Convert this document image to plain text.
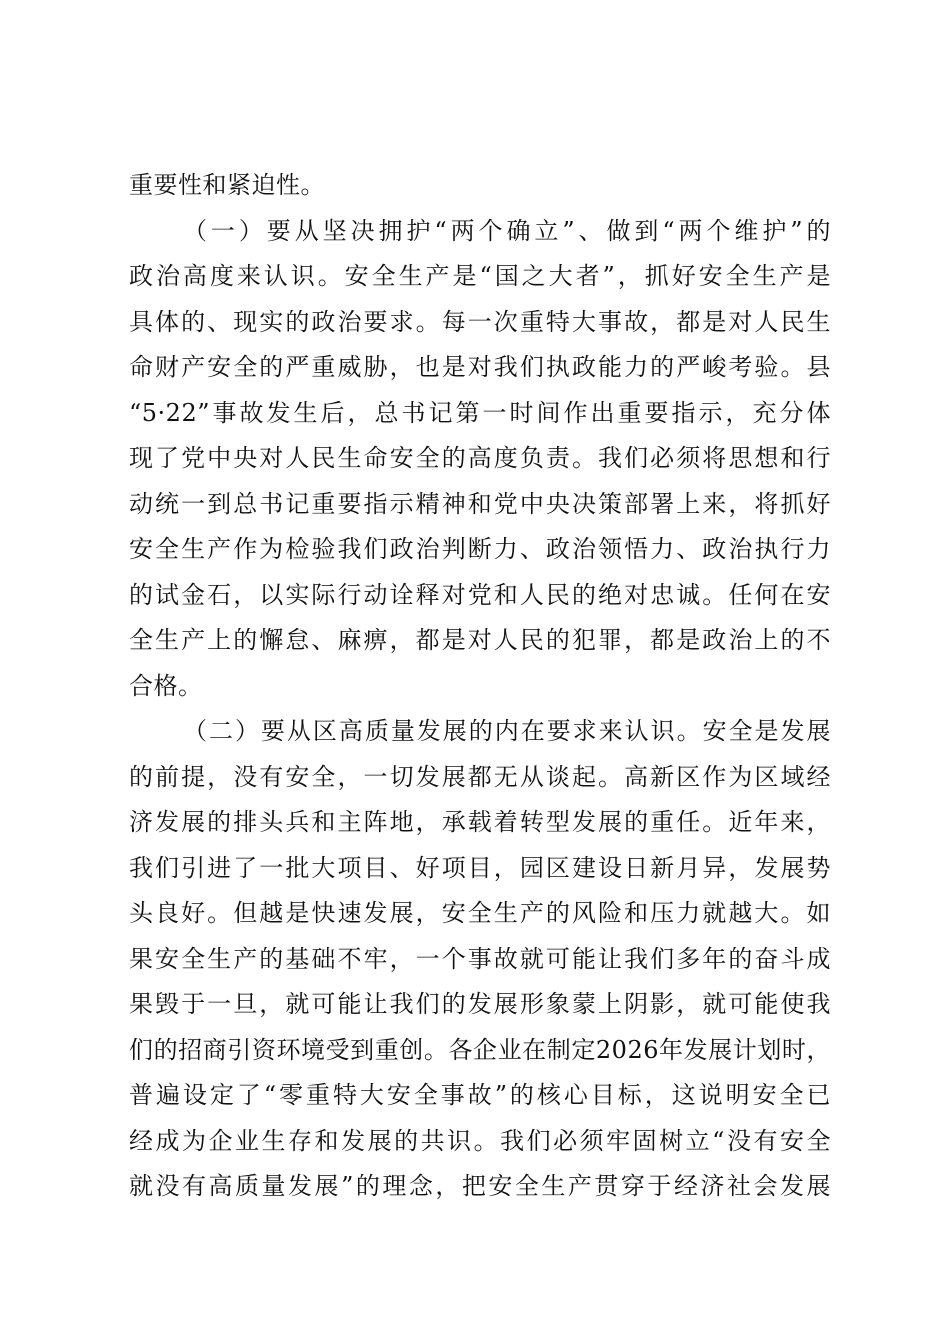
重要性和紧迫性。
（一）要从坚决拥护“两个确立”、做到“两个维护”的
政治高度来认识。安全生产是“国之大者”，抓好安全生产是
具体的、现实的政治要求。每一次重特大事故，都是对人民生
命财产安全的严重威胁，也是对我们执政能力的严峻考验。县
“5·22”事故发生后，总书记第一时间作出重要指示，充分体
现了党中央对人民生命安全的高度负责。我们必须将思想和行
动统一到总书记重要指示精神和党中央决策部署上来，将抓好
安全生产作为检验我们政治判断力、政治领悟力、政治执行力
的试金石，以实际行动诠释对党和人民的绝对忠诚。任何在安
全生产上的懈怠、麻痹，都是对人民的犯罪，都是政治上的不
合格。
（二）要从区高质量发展的内在要求来认识。安全是发展
的前提，没有安全，一切发展都无从谈起。高新区作为区域经
济发展的排头兵和主阵地，承载着转型发展的重任。近年来，
我们引进了一批大项目、好项目，园区建设日新月异，发展势
头良好。但越是快速发展，安全生产的风险和压力就越大。如
果安全生产的基础不牢，一个事故就可能让我们多年的奋斗成
果毁于一旦，就可能让我们的发展形象蒙上阴影，就可能使我
们的招商引资环境受到重创。各企业在制定2026年发展计划时，
普遍设定了“零重特大安全事故”的核心目标，这说明安全已
经成为企业生存和发展的共识。我们必须牢固树立“没有安全
就没有高质量发展”的理念，把安全生产贯穿于经济社会发展
